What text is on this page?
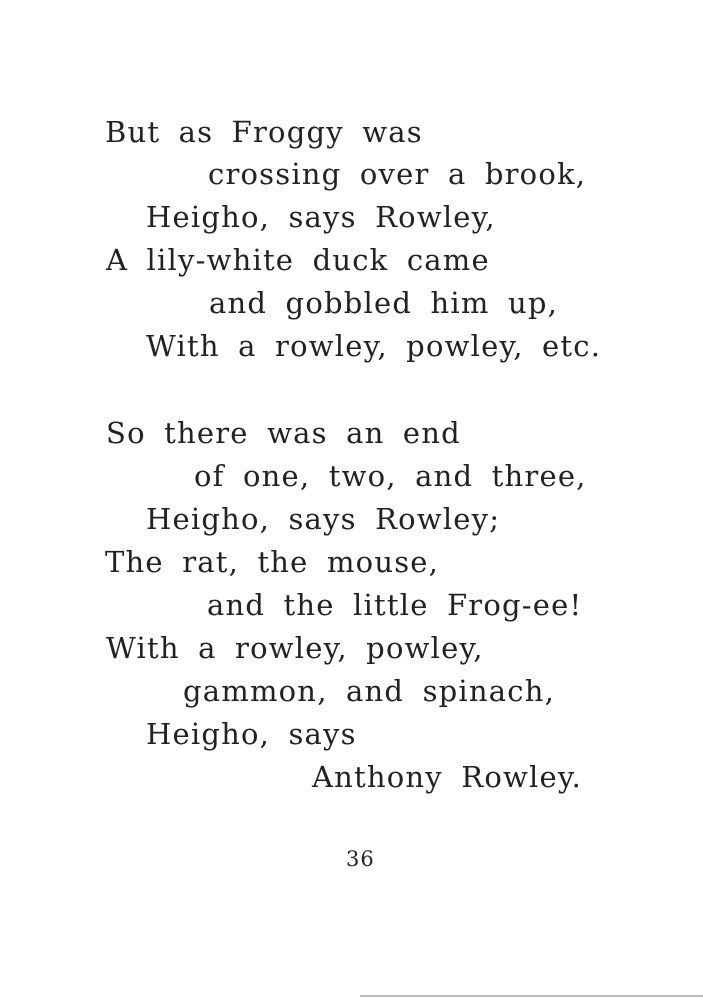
But as Froggy was
crossing over a brook,
Heigho, says Rowley,
A lily-white duck came
and gobbled him up,
With a rowley, powley, etc.
So there was an end
of one, two, and three,
Heigho, says Rowley;
The rat, the mouse,
and the little Frog-ee!
With a rowley, powley,
gammon, and spinach,
Heigho, says
Anthony Rowley.
36
